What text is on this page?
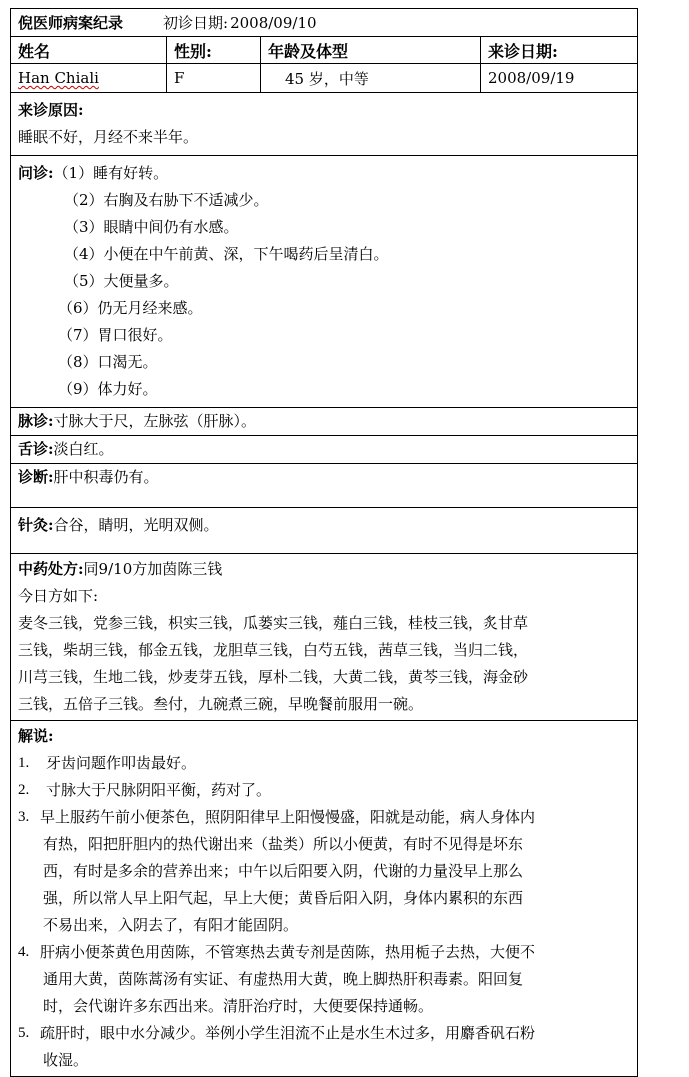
倪医师病案纪录	初诊日期: 2008/09/10
姓名	性别:	年龄及体型	来诊日期:
Han Chiali	F	45 岁，中等	2008/09/19
来诊原因:
睡眠不好，月经不来半年。
问诊:（1）睡有好转。
（2）右胸及右胁下不适减少。
（3）眼睛中间仍有水感。
（4）小便在中午前黄、深，下午喝药后呈清白。
（5）大便量多。
（6）仍无月经来感。
（7）胃口很好。
（8）口渴无。
（9）体力好。
脉诊:寸脉大于尺，左脉弦（肝脉）。
舌诊:淡白红。
诊断:肝中积毒仍有。
针灸:合谷，睛明，光明双侧。

中药处方:同9/10方加茵陈三钱

今日方如下:

麦冬三钱，党参三钱，枳实三钱，瓜蒌实三钱，薤白三钱，桂枝三钱，炙甘草

三钱，柴胡三钱，郁金五钱，龙胆草三钱，白芍五钱，茜草三钱，当归二钱，

川芎三钱，生地二钱，炒麦芽五钱，厚朴二钱，大黄二钱，黄芩三钱，海金砂

三钱，五倍子三钱。叁付，九碗煮三碗，早晚餐前服用一碗。

解说:
1.	牙齿问题作叩齿最好。
2.	寸脉大于尺脉阴阳平衡，药对了。
3. 早上服药午前小便茶色，照阴阳律早上阳慢慢盛，阳就是动能，病人身体内
有热，阳把肝胆内的热代谢出来（盐类）所以小便黄，有时不见得是坏东
西，有时是多余的营养出来；中午以后阳要入阴，代谢的力量没早上那么
强，所以常人早上阳气起，早上大便；黄昏后阳入阴，身体内累积的东西
不易出来，入阴去了，有阳才能固阴。
4. 肝病小便茶黄色用茵陈，不管寒热去黄专剂是茵陈，热用栀子去热，大便不
通用大黄，茵陈蒿汤有实证、有虚热用大黄，晚上脚热肝积毒素。阳回复
时，会代谢许多东西出来。清肝治疗时，大便要保持通畅。
5. 疏肝时，眼中水分减少。举例小学生泪流不止是水生木过多，用麝香矾石粉
收湿。
